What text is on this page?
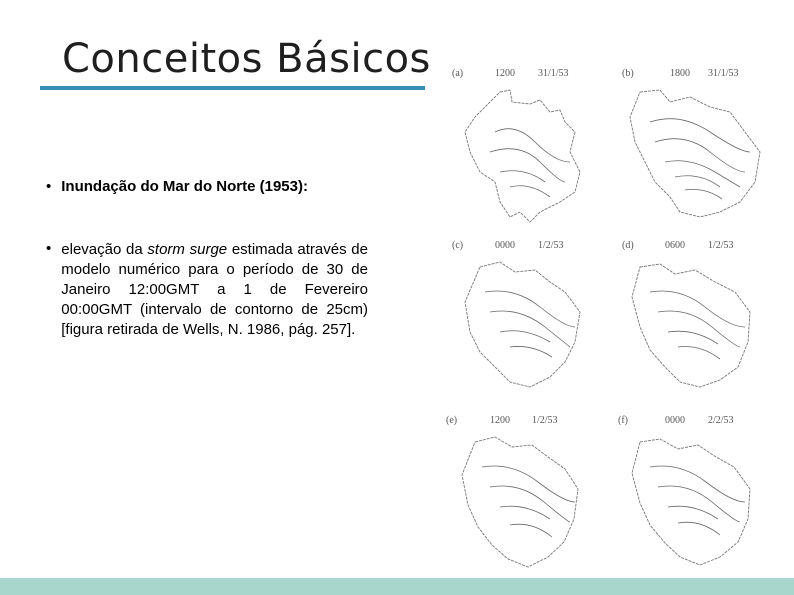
Conceitos Básicos
• Inundação do Mar do Norte (1953):
• elevação da storm surge estimada através de modelo numérico para o período de 30 de Janeiro 12:00GMT a 1 de Fevereiro 00:00GMT (intervalo de contorno de 25cm) [figura retirada de Wells, N. 1986, pág. 257].
(a)	1200 31/1/53	(b)	1800 31/1/53
(c)	0000 1/2/53	(d)	0600 1/2/53
(e)	1200 1/2/53	(f)	0000 2/2/53
